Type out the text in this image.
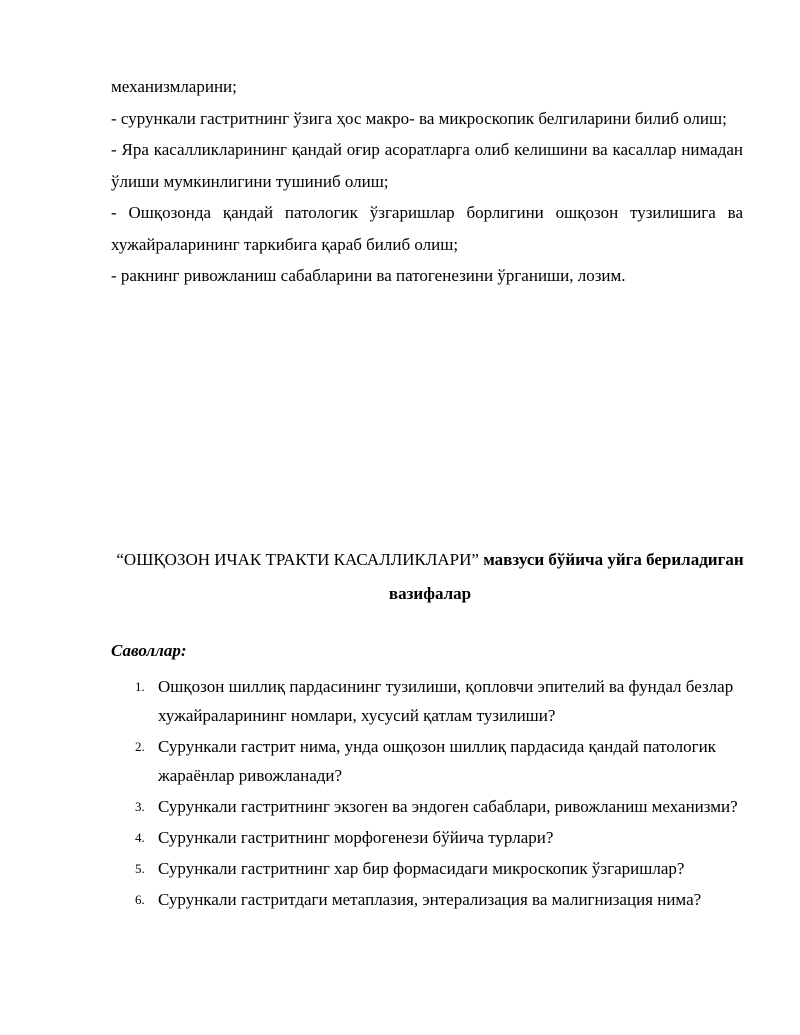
механизмларини;

- сурункали гастритнинг ўзига ҳос макро- ва микроскопик белгиларини билиб олиш;

- Яра касалликларининг қандай оғир асоратларга олиб келишини ва касаллар нимадан ўлиши мумкинлигини тушиниб олиш;

- Ошқозонда қандай патологик ўзгаришлар борлигини ошқозон тузилишига ва хужайраларининг таркибига қараб билиб олиш;

- ракнинг ривожланиш сабабларини ва патогенезини ўрганиши, лозим.

“ОШҚОЗОН ИЧАК ТРАКТИ КАСАЛЛИКЛАРИ” мавзуси бўйича уйга бериладиган вазифалар
Саволлар:
1. Ошқозон шиллиқ пардасининг тузилиши, қопловчи эпителий ва фундал безлар хужайраларининг номлари, хусусий қатлам тузилиши?
2. Сурункали гастрит нима, унда ошқозон шиллиқ пардасида қандай патологик жараёнлар ривожланади?
3. Сурункали гастритнинг экзоген ва эндоген сабаблари, ривожланиш механизми?
4. Сурункали гастритнинг морфогенези бўйича турлари?
5. Сурункали гастритнинг хар бир формасидаги микроскопик ўзгаришлар?
6. Сурункали гастритдаги метаплазия, энтерализация ва малигнизация нима?
